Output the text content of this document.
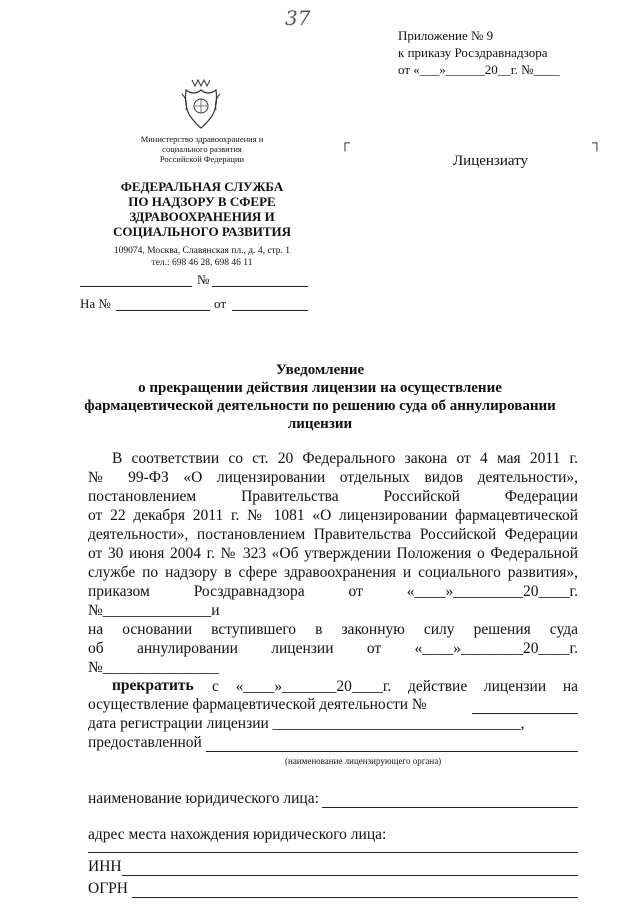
37
Приложение № 9
к приказу Росздравнадзора
от «___»______20__г. №____
Министерство здравоохранения и
социального развития
Российской Федерации
ФЕДЕРАЛЬНАЯ СЛУЖБА
ПО НАДЗОРУ В СФЕРЕ
ЗДРАВООХРАНЕНИЯ И
СОЦИАЛЬНОГО РАЗВИТИЯ
109074, Москва, Славянская пл., д. 4, стр. 1
тел.: 698 46 28, 698 46 11
№
На №	от
┌	┐
Лицензиату
Уведомление
о прекращении действия лицензии на осуществление
фармацевтической деятельности по решению суда об аннулировании
лицензии
В соответствии со ст. 20 Федерального закона от 4 мая 2011 г.
№ 99-ФЗ «О лицензировании отдельных видов деятельности»,
постановлением Правительства Российской Федерации
от 22 декабря 2011 г. № 1081 «О лицензировании фармацевтической
деятельности», постановлением Правительства Российской Федерации
от 30 июня 2004 г. № 323 «Об утверждении Положения о Федеральной
службе по надзору в сфере здравоохранения и социального развития»,
приказом Росздравнадзора от «____»_________20____г.
№______________и
на основании вступившего в законную силу решения суда
об аннулировании лицензии от «____»________20____г.
№_______________
прекратить с «____»_______20____г. действие лицензии на
осуществление фармацевтической деятельности №
дата регистрации лицензии ________________________________,
предоставленной
(наименование лицензирующего органа)
наименование юридического лица:
адрес места нахождения юридического лица:
ИНН
ОГРН
